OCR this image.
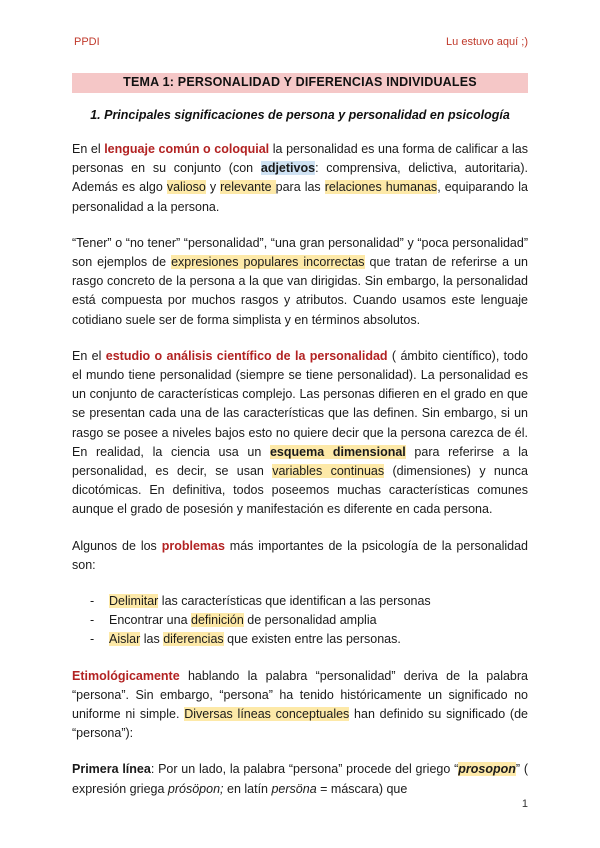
PPDI	Lu estuvo aquí ;)
TEMA 1: PERSONALIDAD Y DIFERENCIAS INDIVIDUALES
1. Principales significaciones de persona y personalidad en psicología

En el lenguaje común o coloquial la personalidad es una forma de calificar a las personas en su conjunto (con adjetivos: comprensiva, delictiva, autoritaria). Además es algo valioso y relevante para las relaciones humanas, equiparando la personalidad a la persona.

“Tener” o “no tener” “personalidad”, “una gran personalidad” y “poca personalidad” son ejemplos de expresiones populares incorrectas que tratan de referirse a un rasgo concreto de la persona a la que van dirigidas. Sin embargo, la personalidad está compuesta por muchos rasgos y atributos. Cuando usamos este lenguaje cotidiano suele ser de forma simplista y en términos absolutos.

En el estudio o análisis científico de la personalidad ( ámbito científico), todo el mundo tiene personalidad (siempre se tiene personalidad). La personalidad es un conjunto de características complejo. Las personas difieren en el grado en que se presentan cada una de las características que las definen. Sin embargo, si un rasgo se posee a niveles bajos esto no quiere decir que la persona carezca de él. En realidad, la ciencia usa un esquema dimensional para referirse a la personalidad, es decir, se usan variables continuas (dimensiones) y nunca dicotómicas. En definitiva, todos poseemos muchas características comunes aunque el grado de posesión y manifestación es diferente en cada persona.

Algunos de los problemas más importantes de la psicología de la personalidad son:

- Delimitar las características que identifican a las personas
- Encontrar una definición de personalidad amplia
- Aislar las diferencias que existen entre las personas.

Etimológicamente hablando la palabra “personalidad” deriva de la palabra “persona”. Sin embargo, “persona” ha tenido históricamente un significado no uniforme ni simple. Diversas líneas conceptuales han definido su significado (de “persona”):

Primera línea: Por un lado, la palabra “persona” procede del griego “prosopon” ( expresión griega prósöpon; en latín persöna = máscara) que

1
